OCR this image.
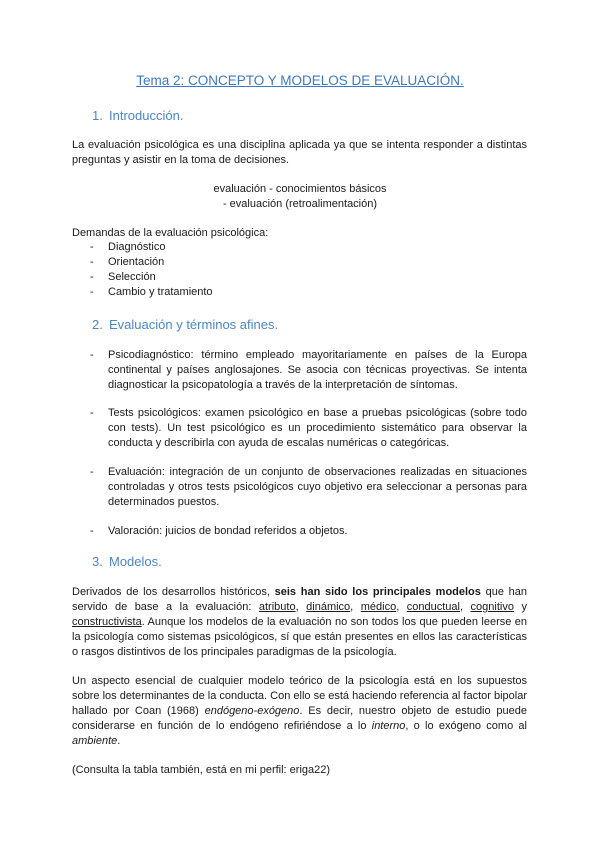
Tema 2: CONCEPTO Y MODELOS DE EVALUACIÓN.
1. Introducción.

La evaluación psicológica es una disciplina aplicada ya que se intenta responder a distintas preguntas y asistir en la toma de decisiones.

evaluación - conocimientos básicos

- evaluación (retroalimentación)

Demandas de la evaluación psicológica:

- Diagnóstico
- Orientación
- Selección
- Cambio y tratamiento
2. Evaluación y términos afines.

- Psicodiagnóstico: término empleado mayoritariamente en países de la Europa continental y países anglosajones. Se asocia con técnicas proyectivas. Se intenta diagnosticar la psicopatología a través de la interpretación de síntomas.

- Tests psicológicos: examen psicológico en base a pruebas psicológicas (sobre todo con tests). Un test psicológico es un procedimiento sistemático para observar la conducta y describirla con ayuda de escalas numéricas o categóricas.

- Evaluación: integración de un conjunto de observaciones realizadas en situaciones controladas y otros tests psicológicos cuyo objetivo era seleccionar a personas para determinados puestos.

- Valoración: juicios de bondad referidos a objetos.

3. Modelos.

Derivados de los desarrollos históricos, seis han sido los principales modelos que han servido de base a la evaluación: atributo, dinámico, médico, conductual, cognitivo y constructivista. Aunque los modelos de la evaluación no son todos los que pueden leerse en la psicología como sistemas psicológicos, sí que están presentes en ellos las características o rasgos distintivos de los principales paradigmas de la psicología.

Un aspecto esencial de cualquier modelo teórico de la psicología está en los supuestos sobre los determinantes de la conducta. Con ello se está haciendo referencia al factor bipolar hallado por Coan (1968) endógeno-exógeno. Es decir, nuestro objeto de estudio puede considerarse en función de lo endógeno refiriéndose a lo interno, o lo exógeno como al ambiente.

(Consulta la tabla también, está en mi perfil: eriga22)
